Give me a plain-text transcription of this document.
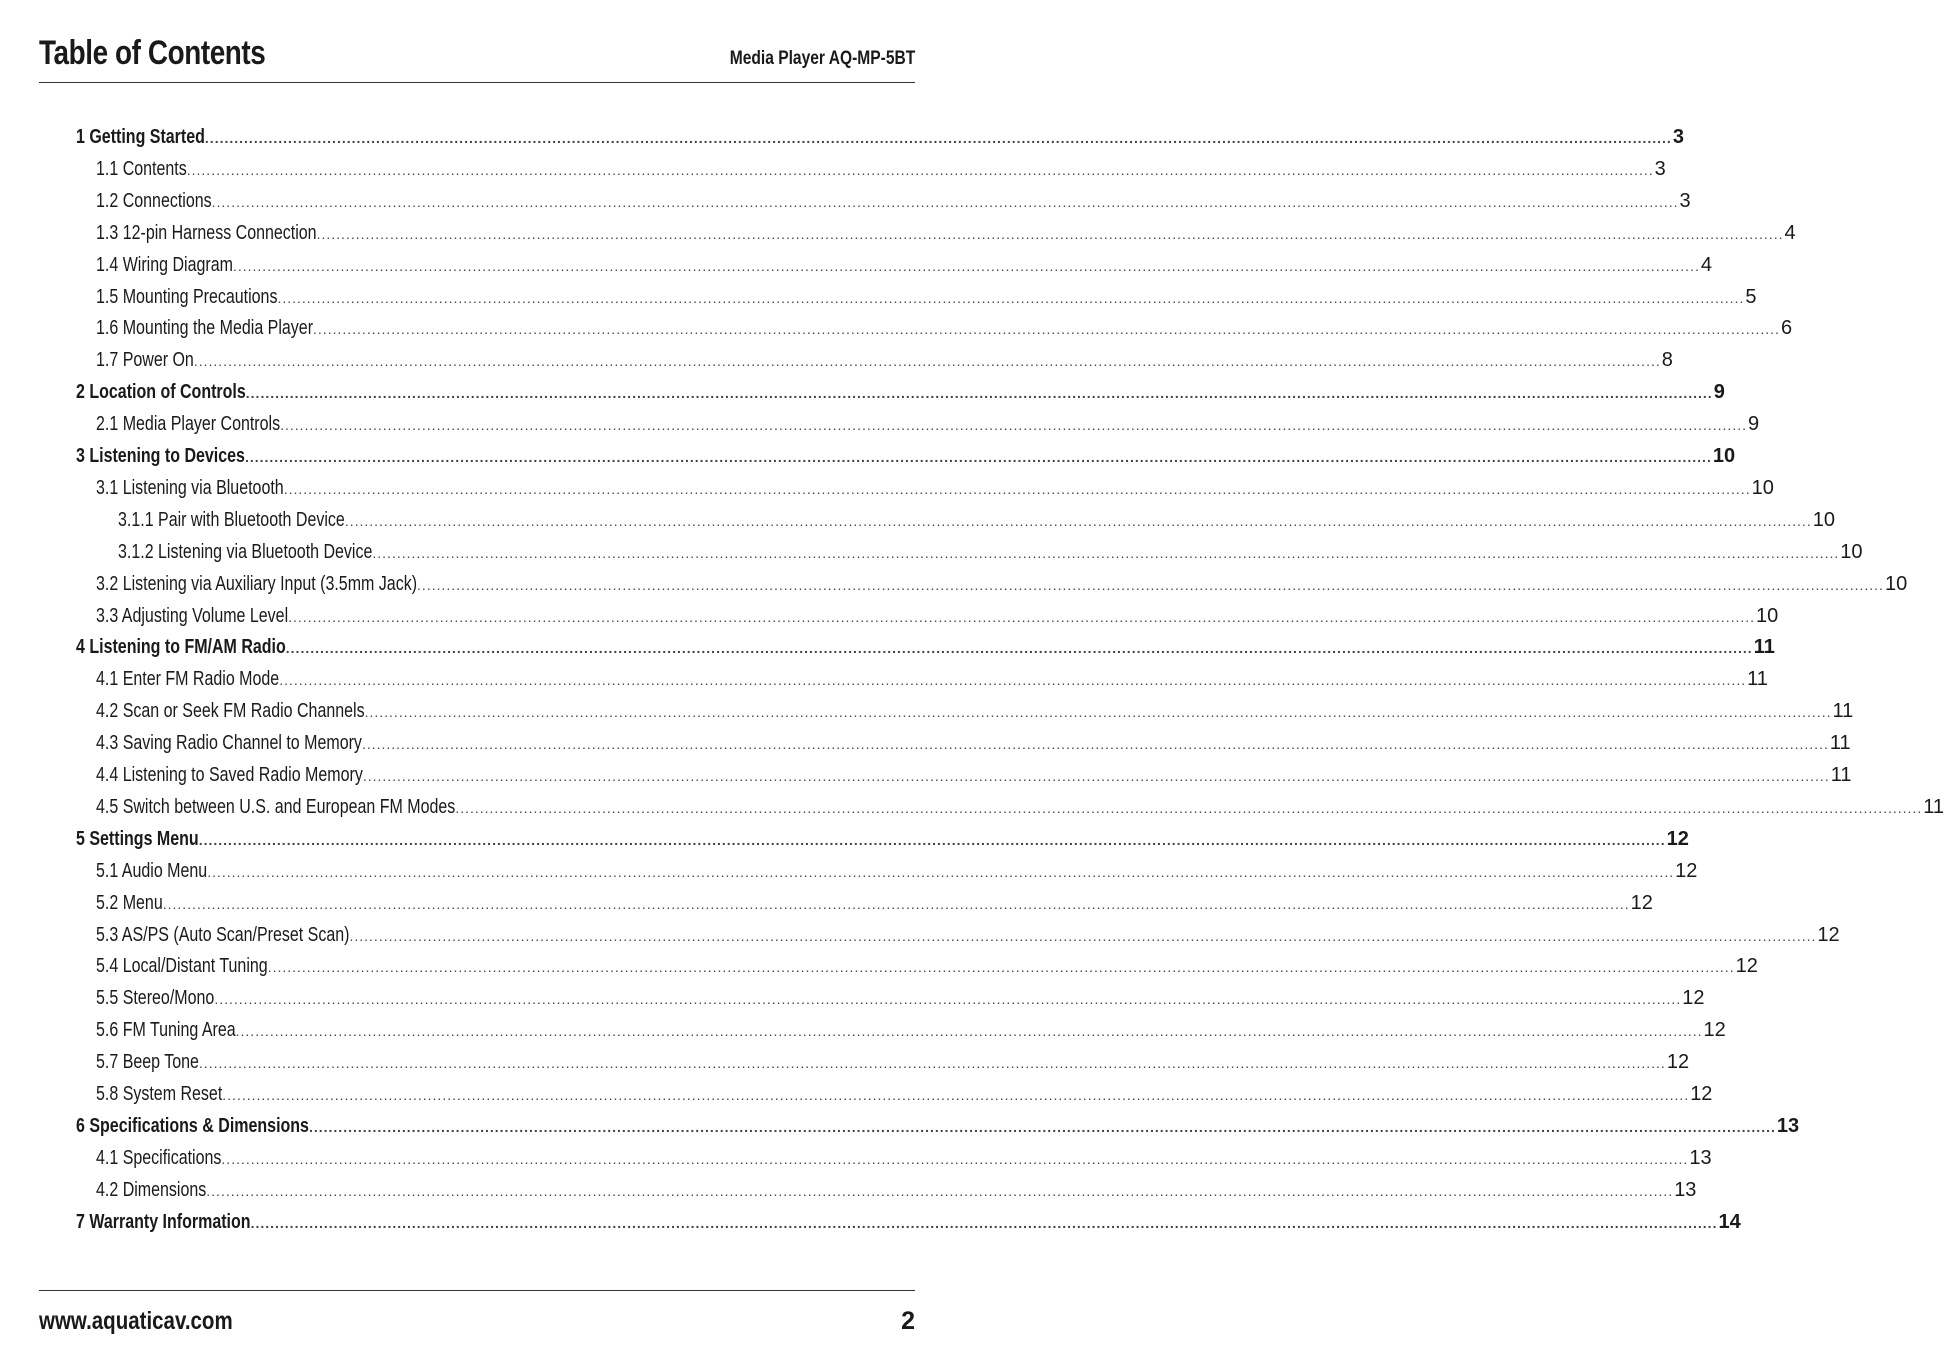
Table of Contents	Media Player AQ-MP-5BT
1 Getting Started ............................................................................................................................................................................................................................................................................................................ 3
1.1 Contents ............................................................................................................................................................................................................................................................................................................ 3
1.2 Connections ............................................................................................................................................................................................................................................................................................................ 3
1.3 12-pin Harness Connection ............................................................................................................................................................................................................................................................................................................ 4
1.4 Wiring Diagram ............................................................................................................................................................................................................................................................................................................ 4
1.5 Mounting Precautions ............................................................................................................................................................................................................................................................................................................ 5
1.6 Mounting the Media Player ............................................................................................................................................................................................................................................................................................................ 6
1.7 Power On ............................................................................................................................................................................................................................................................................................................ 8
2 Location of Controls ............................................................................................................................................................................................................................................................................................................ 9
2.1 Media Player Controls ............................................................................................................................................................................................................................................................................................................ 9
3 Listening to Devices ............................................................................................................................................................................................................................................................................................................ 10
3.1 Listening via Bluetooth ............................................................................................................................................................................................................................................................................................................ 10
3.1.1 Pair with Bluetooth Device ............................................................................................................................................................................................................................................................................................................ 10
3.1.2 Listening via Bluetooth Device ............................................................................................................................................................................................................................................................................................................ 10
3.2 Listening via Auxiliary Input (3.5mm Jack) ............................................................................................................................................................................................................................................................................................................ 10
3.3 Adjusting Volume Level ............................................................................................................................................................................................................................................................................................................ 10
4 Listening to FM/AM Radio ............................................................................................................................................................................................................................................................................................................ 11
4.1 Enter FM Radio Mode ............................................................................................................................................................................................................................................................................................................ 11
4.2 Scan or Seek FM Radio Channels ............................................................................................................................................................................................................................................................................................................ 11
4.3 Saving Radio Channel to Memory ............................................................................................................................................................................................................................................................................................................ 11
4.4 Listening to Saved Radio Memory ............................................................................................................................................................................................................................................................................................................ 11
4.5 Switch between U.S. and European FM Modes ............................................................................................................................................................................................................................................................................................................ 11
5 Settings Menu ............................................................................................................................................................................................................................................................................................................ 12
5.1 Audio Menu ............................................................................................................................................................................................................................................................................................................ 12
5.2 Menu ............................................................................................................................................................................................................................................................................................................ 12
5.3 AS/PS (Auto Scan/Preset Scan) ............................................................................................................................................................................................................................................................................................................ 12
5.4 Local/Distant Tuning ............................................................................................................................................................................................................................................................................................................ 12
5.5 Stereo/Mono ............................................................................................................................................................................................................................................................................................................ 12
5.6 FM Tuning Area ............................................................................................................................................................................................................................................................................................................ 12
5.7 Beep Tone ............................................................................................................................................................................................................................................................................................................ 12
5.8 System Reset ............................................................................................................................................................................................................................................................................................................ 12
6 Specifications & Dimensions ............................................................................................................................................................................................................................................................................................................ 13
4.1 Specifications ............................................................................................................................................................................................................................................................................................................ 13
4.2 Dimensions ............................................................................................................................................................................................................................................................................................................ 13
7 Warranty Information ............................................................................................................................................................................................................................................................................................................ 14
www.aquaticav.com	2
